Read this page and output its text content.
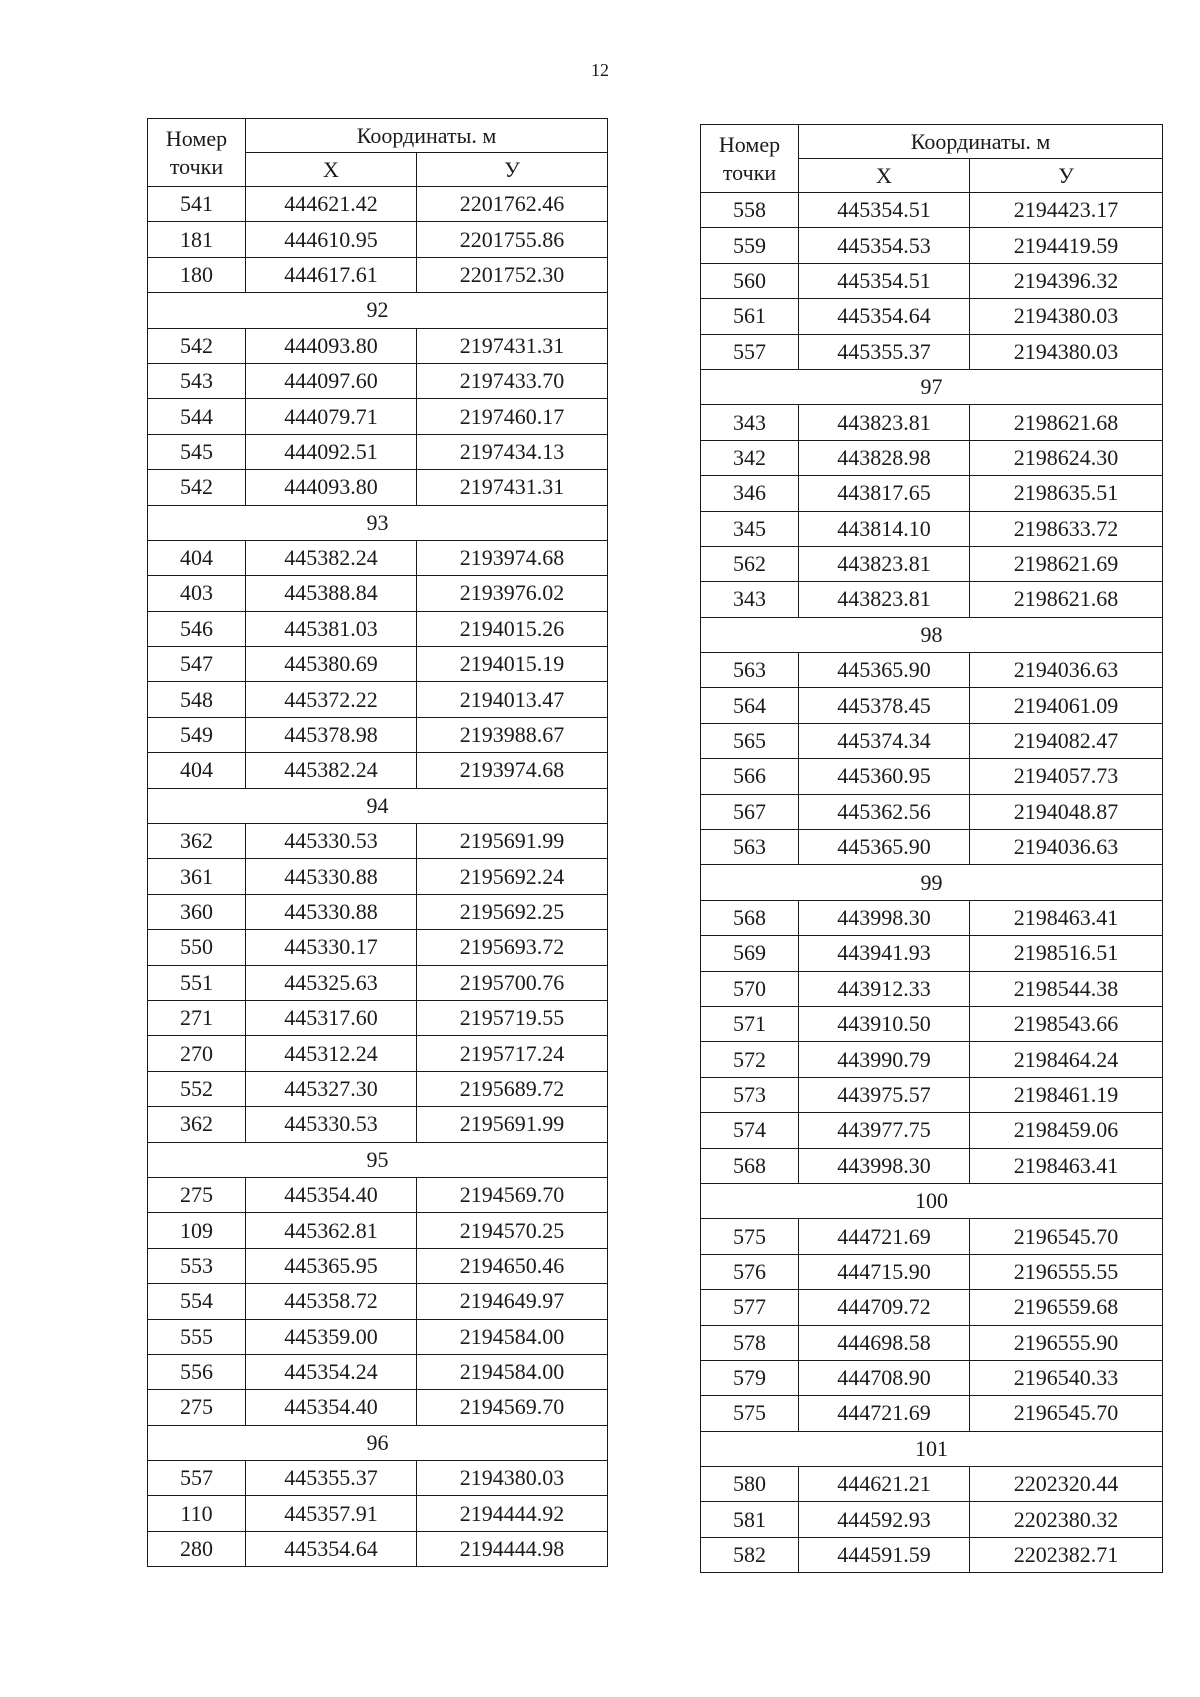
12
Номер точки	Координаты. м	
	X	У
541	444621.42	2201762.46
181	444610.95	2201755.86
180	444617.61	2201752.30
92		
542	444093.80	2197431.31
543	444097.60	2197433.70
544	444079.71	2197460.17
545	444092.51	2197434.13
542	444093.80	2197431.31
93		
404	445382.24	2193974.68
403	445388.84	2193976.02
546	445381.03	2194015.26
547	445380.69	2194015.19
548	445372.22	2194013.47
549	445378.98	2193988.67
404	445382.24	2193974.68
94		
362	445330.53	2195691.99
361	445330.88	2195692.24
360	445330.88	2195692.25
550	445330.17	2195693.72
551	445325.63	2195700.76
271	445317.60	2195719.55
270	445312.24	2195717.24
552	445327.30	2195689.72
362	445330.53	2195691.99
95		
275	445354.40	2194569.70
109	445362.81	2194570.25
553	445365.95	2194650.46
554	445358.72	2194649.97
555	445359.00	2194584.00
556	445354.24	2194584.00
275	445354.40	2194569.70
96		
557	445355.37	2194380.03
110	445357.91	2194444.92
280	445354.64	2194444.98
Номер точки	Координаты. м	
	X	У
558	445354.51	2194423.17
559	445354.53	2194419.59
560	445354.51	2194396.32
561	445354.64	2194380.03
557	445355.37	2194380.03
97		
343	443823.81	2198621.68
342	443828.98	2198624.30
346	443817.65	2198635.51
345	443814.10	2198633.72
562	443823.81	2198621.69
343	443823.81	2198621.68
98		
563	445365.90	2194036.63
564	445378.45	2194061.09
565	445374.34	2194082.47
566	445360.95	2194057.73
567	445362.56	2194048.87
563	445365.90	2194036.63
99		
568	443998.30	2198463.41
569	443941.93	2198516.51
570	443912.33	2198544.38
571	443910.50	2198543.66
572	443990.79	2198464.24
573	443975.57	2198461.19
574	443977.75	2198459.06
568	443998.30	2198463.41
100		
575	444721.69	2196545.70
576	444715.90	2196555.55
577	444709.72	2196559.68
578	444698.58	2196555.90
579	444708.90	2196540.33
575	444721.69	2196545.70
101		
580	444621.21	2202320.44
581	444592.93	2202380.32
582	444591.59	2202382.71
